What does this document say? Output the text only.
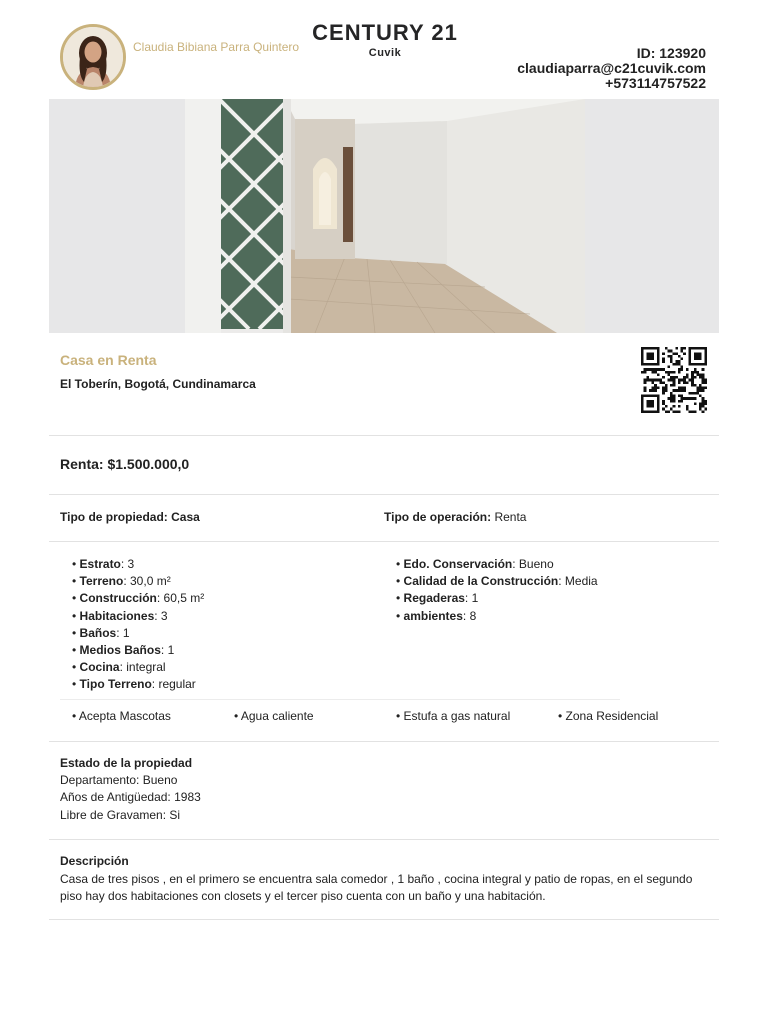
Claudia Bibiana Parra Quintero
CENTURY 21
Cuvik	ID: 123920
claudiaparra@c21cuvik.com
+573114757522
Casa en Renta
El Toberín, Bogotá, Cundinamarca
Renta: $1.500.000,0
Tipo de propiedad: Casa	Tipo de operación: Renta
• Estrato: 3
• Terreno: 30,0 m²
• Construcción: 60,5 m²
• Habitaciones: 3
• Baños: 1
• Medios Baños: 1
• Cocina: integral
• Tipo Terreno: regular
• Edo. Conservación: Bueno
• Calidad de la Construcción: Media
• Regaderas: 1
• ambientes: 8
• Acepta Mascotas	• Agua caliente	• Estufa a gas natural	• Zona Residencial
Estado de la propiedad
Departamento: Bueno
Años de Antigüedad: 1983
Libre de Gravamen: Si
Descripción
Casa de tres pisos , en el primero se encuentra sala comedor , 1 baño , cocina integral y patio de ropas, en el segundo piso hay dos habitaciones con closets y el tercer piso cuenta con un baño y una habitación.
